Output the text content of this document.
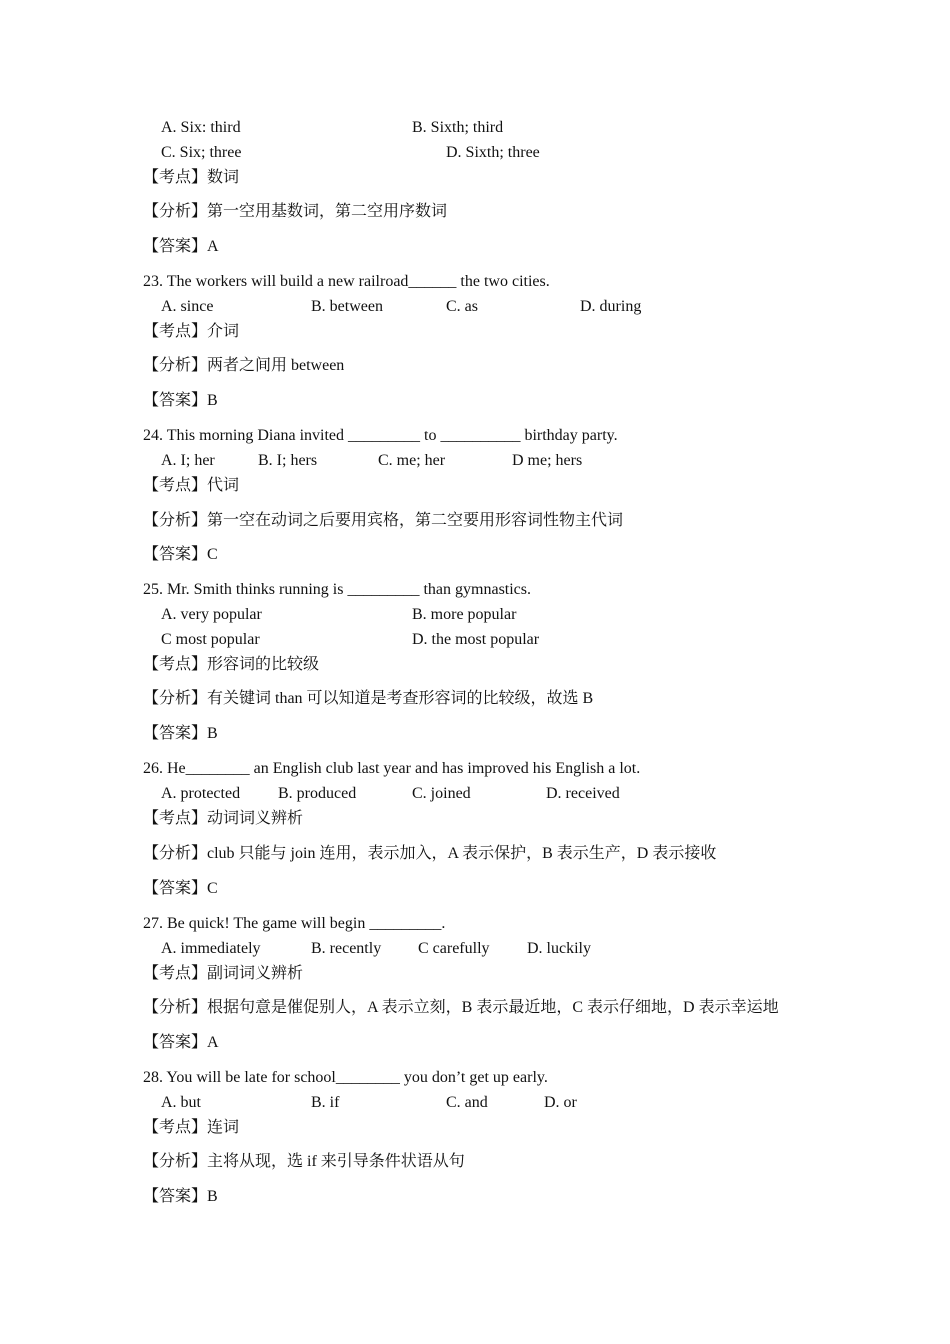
A. Six: third	B. Sixth; third
C. Six; three	D. Sixth; three
【考点】数词
【分析】第一空用基数词，第二空用序数词
【答案】A
23. The workers will build a new railroad______ the two cities.
A. since	B. between	C. as	D. during
【考点】介词
【分析】两者之间用 between
【答案】B
24. This morning Diana invited _________ to __________ birthday party.
A. I; her	B. I; hers	C. me; her	D me; hers
【考点】代词
【分析】第一空在动词之后要用宾格，第二空要用形容词性物主代词
【答案】C
25. Mr. Smith thinks running is _________ than gymnastics.
A. very popular	B. more popular
C most popular	D. the most popular
【考点】形容词的比较级
【分析】有关键词 than 可以知道是考查形容词的比较级，故选 B
【答案】B
26. He________ an English club last year and has improved his English a lot.
A. protected B. produced	C. joined	D. received
【考点】动词词义辨析
【分析】club 只能与 join 连用，表示加入，A 表示保护，B 表示生产，D 表示接收
【答案】C
27. Be quick! The game will begin _________.
A. immediately	B. recently C carefully D. luckily
【考点】副词词义辨析
【分析】根据句意是催促别人，A 表示立刻，B 表示最近地，C 表示仔细地，D 表示幸运地
【答案】A
28. You will be late for school________ you don’t get up early.
A. but	B. if	C. and	D. or
【考点】连词
【分析】主将从现，选 if 来引导条件状语从句
【答案】B
